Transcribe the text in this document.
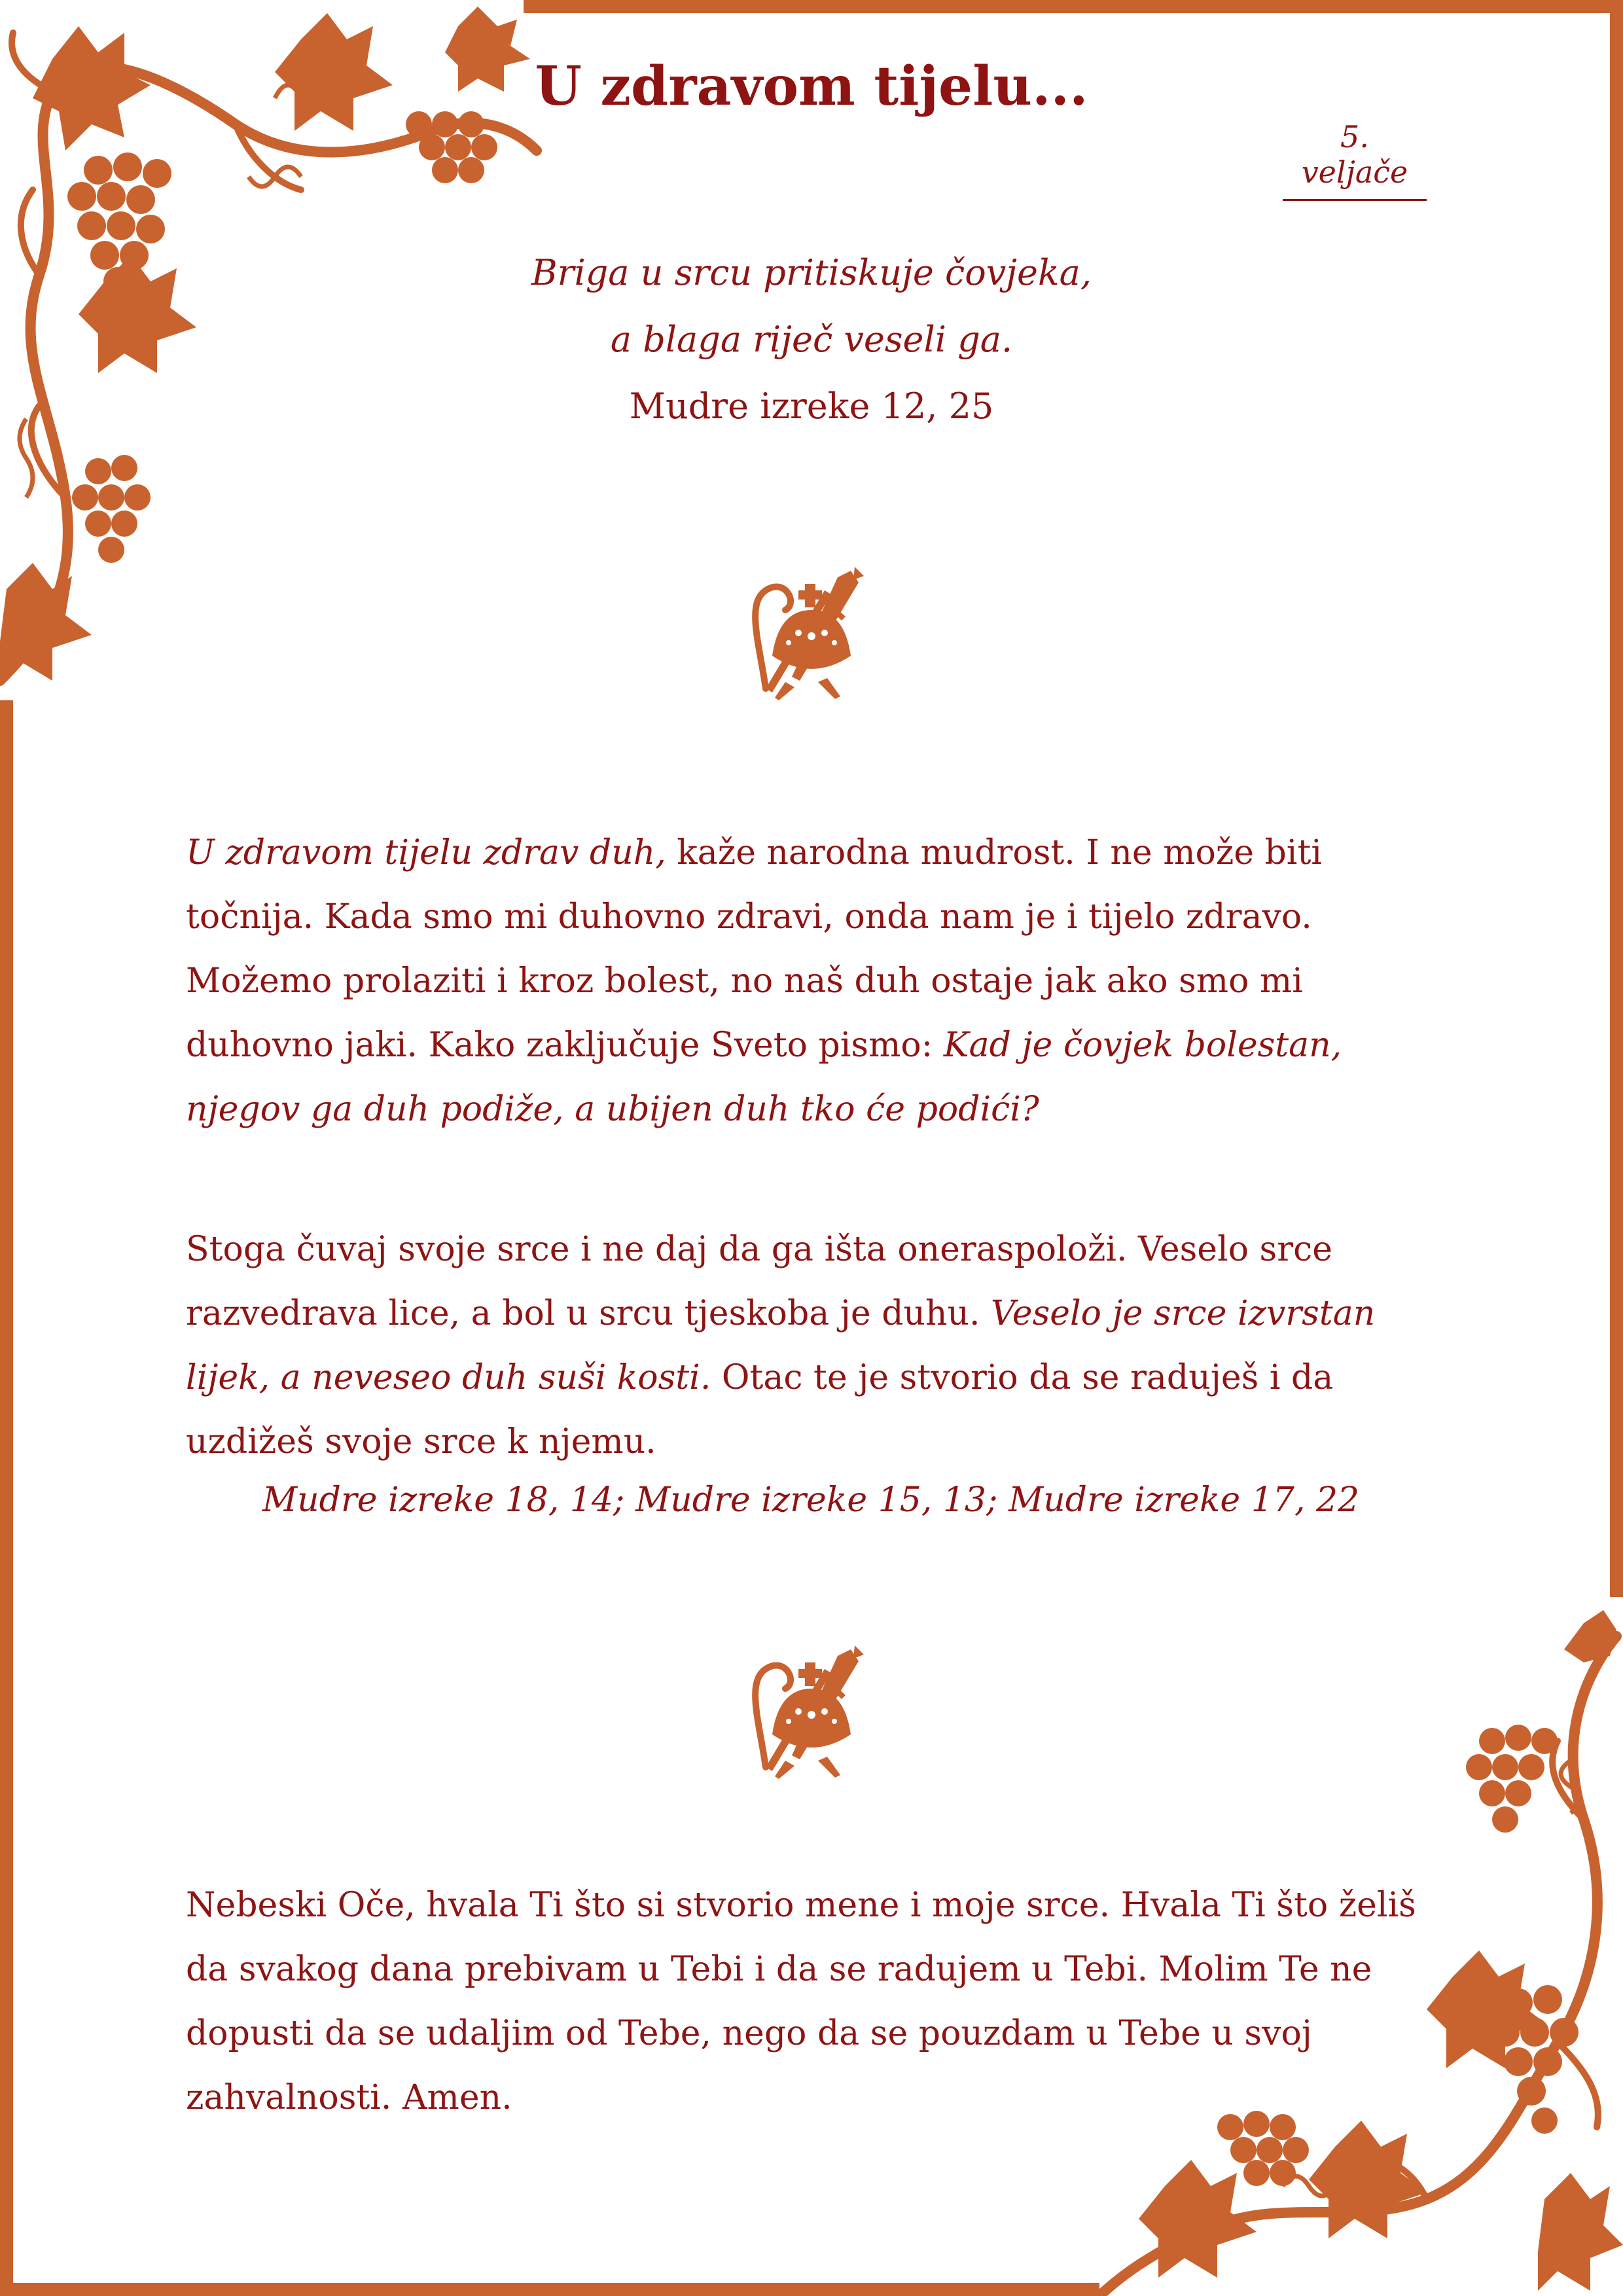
U zdravom tijelu...
5. veljače
Briga u srcu pritiskuje čovjeka,
a blaga riječ veseli ga.
Mudre izreke 12, 25

U zdravom tijelu zdrav duh, kaže narodna mudrost. I ne može biti točnija. Kada smo mi duhovno zdravi, onda nam je i tijelo zdravo. Možemo prolaziti i kroz bolest, no naš duh ostaje jak ako smo mi duhovno jaki. Kako zaključuje Sveto pismo: Kad je čovjek bolestan, njegov ga duh podiže, a ubijen duh tko će podići?

Stoga čuvaj svoje srce i ne daj da ga išta oneraspoloži. Veselo srce razvedrava lice, a bol u srcu tjeskoba je duhu. Veselo je srce izvrstan lijek, a neveseo duh suši kosti. Otac te je stvorio da se raduješ i da uzdižeš svoje srce k njemu.

Mudre izreke 18, 14; Mudre izreke 15, 13; Mudre izreke 17, 22

Nebeski Oče, hvala Ti što si stvorio mene i moje srce. Hvala Ti što želiš da svakog dana prebivam u Tebi i da se radujem u Tebi. Molim Te ne dopusti da se udaljim od Tebe, nego da se pouzdam u Tebe u svoj zahvalnosti. Amen.
